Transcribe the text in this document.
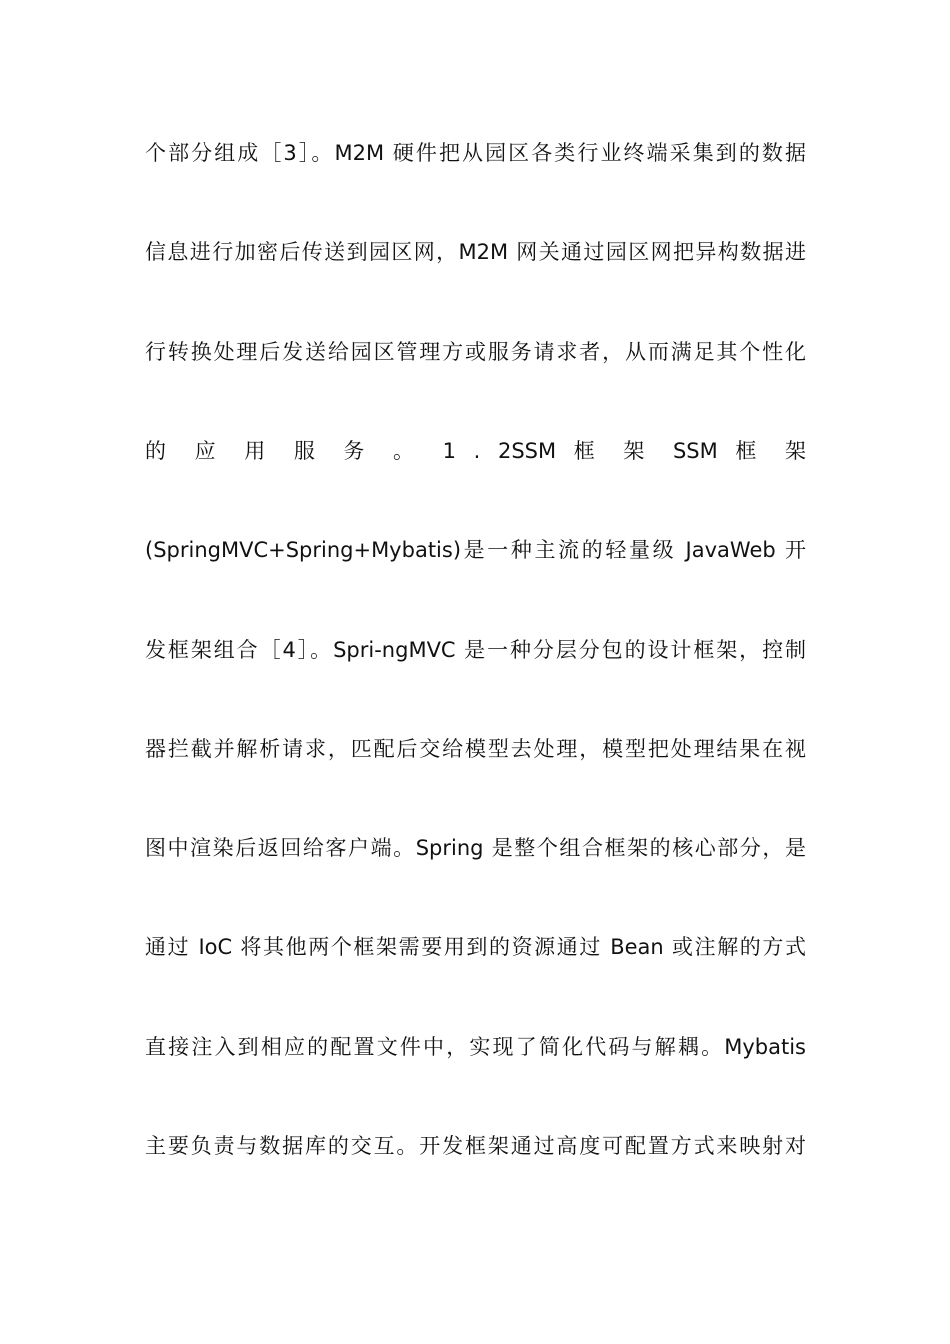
个部分组成［3］。M2M 硬件把从园区各类行业终端采集到的数据
信息进行加密后传送到园区网，M2M 网关通过园区网把异构数据进
行转换处理后发送给园区管理方或服务请求者，从而满足其个性化
的 应 用 服 务 。 1 . 2SSM 框 架 SSM 框 架
(SpringMVC+Spring+Mybatis)是一种主流的轻量级 JavaWeb 开
发框架组合［4］。Spri-ngMVC 是一种分层分包的设计框架，控制
器拦截并解析请求，匹配后交给模型去处理，模型把处理结果在视
图中渲染后返回给客户端。Spring 是整个组合框架的核心部分，是
通过 IoC 将其他两个框架需要用到的资源通过 Bean 或注解的方式
直接注入到相应的配置文件中，实现了简化代码与解耦。Mybatis
主要负责与数据库的交互。开发框架通过高度可配置方式来映射对
